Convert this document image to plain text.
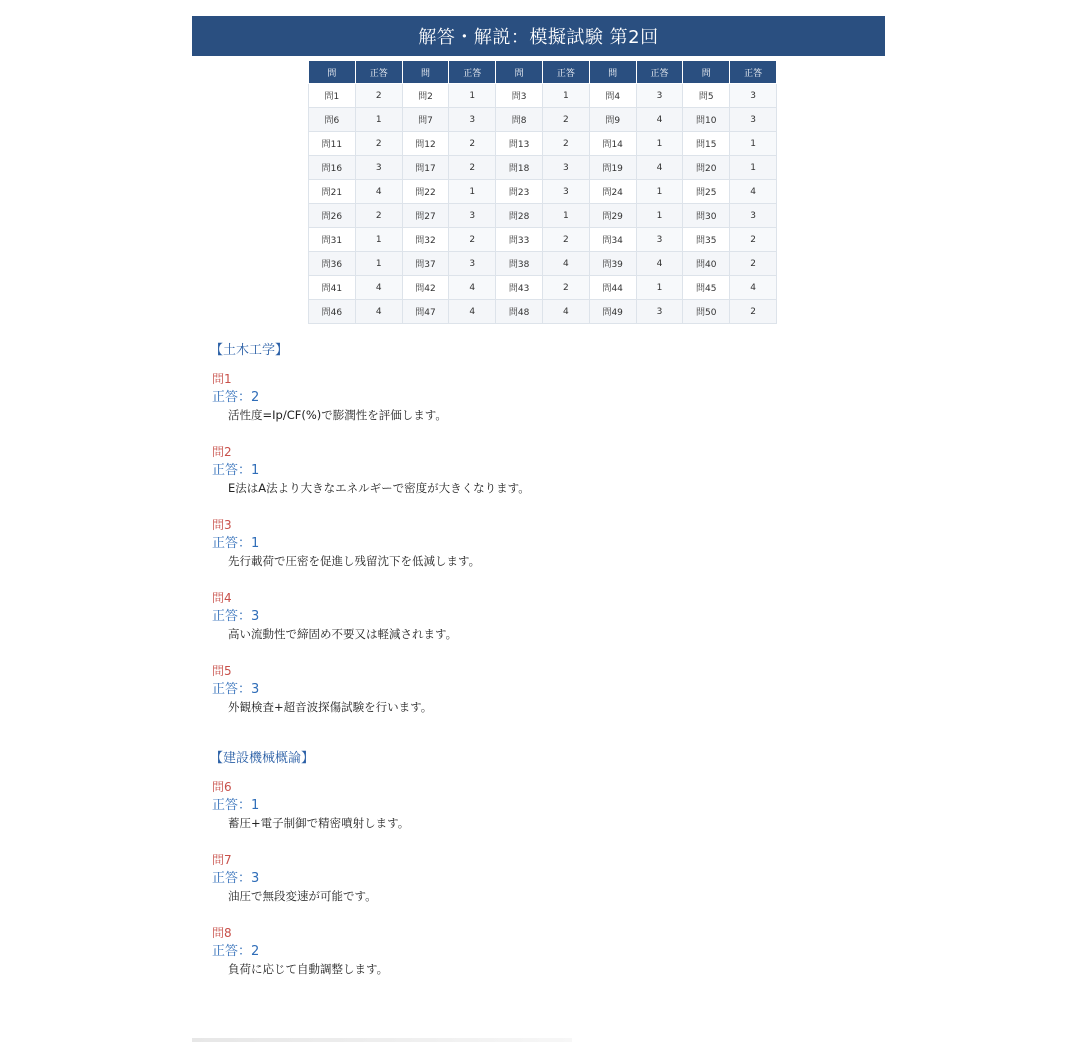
解答・解説：模擬試験 第2回
問	正答	問	正答	問	正答	問	正答	問	正答
問1	2	問2	1	問3	1	問4	3	問5	3
問6	1	問7	3	問8	2	問9	4	問10	3
問11	2	問12	2	問13	2	問14	1	問15	1
問16	3	問17	2	問18	3	問19	4	問20	1
問21	4	問22	1	問23	3	問24	1	問25	4
問26	2	問27	3	問28	1	問29	1	問30	3
問31	1	問32	2	問33	2	問34	3	問35	2
問36	1	問37	3	問38	4	問39	4	問40	2
問41	4	問42	4	問43	2	問44	1	問45	4
問46	4	問47	4	問48	4	問49	3	問50	2
【土木工学】
問1
正答：2
活性度=Ip/CF(%)で膨潤性を評価します。
問2
正答：1
E法はA法より大きなエネルギーで密度が大きくなります。
問3
正答：1
先行載荷で圧密を促進し残留沈下を低減します。
問4
正答：3
高い流動性で締固め不要又は軽減されます。
問5
正答：3
外観検査+超音波探傷試験を行います。
【建設機械概論】
問6
正答：1
蓄圧+電子制御で精密噴射します。
問7
正答：3
油圧で無段変速が可能です。
問8
正答：2
負荷に応じて自動調整します。
